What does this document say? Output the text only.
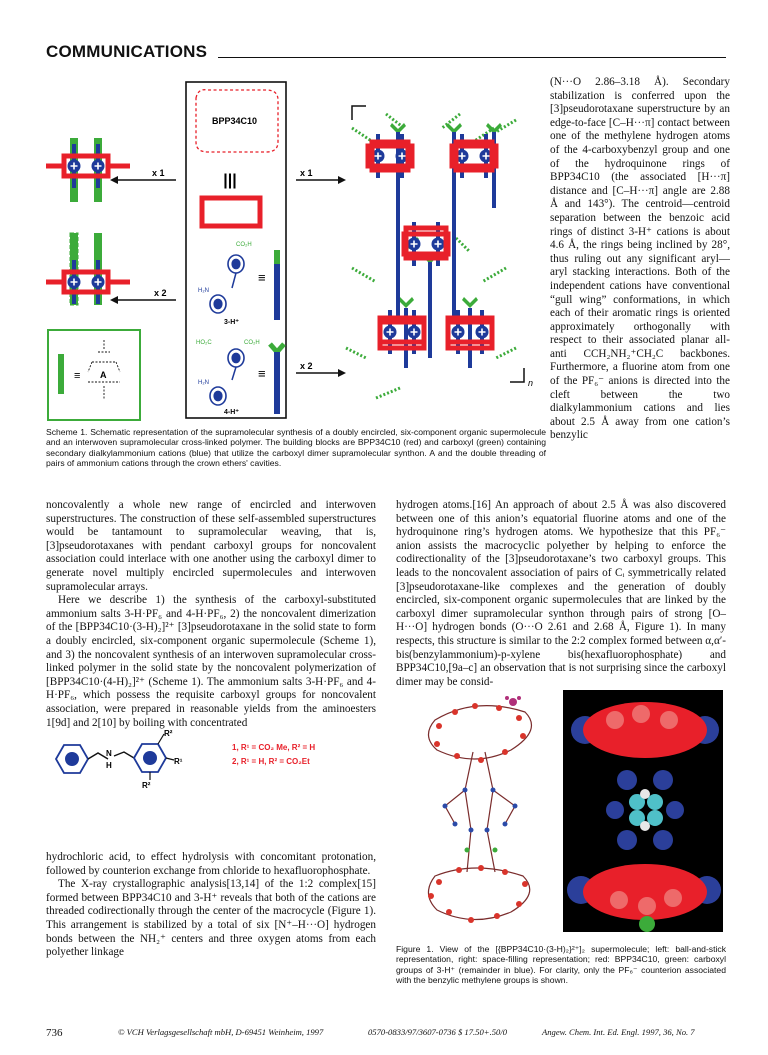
COMMUNICATIONS
x 1
x 2
≡ A
BPP34C10
|||
CO₂H
H₂N
≡
3-H⁺
HO₂C	CO₂H
H₂N
≡
4-H⁺
x 1
x 2
n
Scheme 1. Schematic representation of the supramolecular synthesis of a doubly encircled, six-component organic supermolecule and an interwoven supramolecular cross-linked polymer. The building blocks are BPP34C10 (red) and carboxyl (green) containing secondary dialkylammonium cations (blue) that utilize the carboxyl dimer supramolecular synthon. A and the double threading of pairs of ammonium cations through the crown ethers' cavities.

(N···O 2.86–3.18 Å). Secondary stabilization is conferred upon the [3]pseudorotaxane superstructure by an edge-to-face [C–H···π] contact between one of the methylene hydrogen atoms of the 4-carboxybenzyl group and one of the hydroquinone rings of BPP34C10 (the associated [H···π] distance and [C–H···π] angle are 2.88 Å and 143°). The centroid—centroid separation between the benzoic acid rings of distinct 3-H⁺ cations is about 4.6 Å, the rings being inclined by 28°, thus ruling out any significant aryl—aryl stacking interactions. Both of the independent cations have conventional “gull wing” conformations, in which each of their aromatic rings is oriented approximately orthogonally with respect to their associated planar all-anti CCH₂NH₂⁺CH₂C backbones. Furthermore, a fluorine atom from one of the PF₆⁻ anions is directed into the cleft between the two dialkylammonium cations and lies about 2.5 Å away from one cation’s benzylic

noncovalently a whole new range of encircled and interwoven superstructures. The construction of these self-assembled superstructures would be tantamount to supramolecular weaving, that is, [3]pseudorotaxanes with pendant carboxyl groups for noncovalent association could interlace with one another using the carboxyl dimer to generate novel multiply encircled supermolecules and interwoven supramolecular arrays.

Here we describe 1) the synthesis of the carboxyl-substituted ammonium salts 3-H·PF₆ and 4-H·PF₆, 2) the noncovalent dimerization of the [BPP34C10·(3-H)₂]²⁺ [3]pseudorotaxane in the solid state to form a doubly encircled, six-component organic supermolecule (Scheme 1), and 3) the noncovalent synthesis of an interwoven supramolecular cross-linked polymer in the solid state by the noncovalent polymerization of [BPP34C10·(4-H)₂]²⁺ (Scheme 1). The ammonium salts 3-H·PF₆ and 4-H·PF₆, which possess the requisite carboxyl groups for noncovalent association, were prepared in reasonable yields from the aminoesters 1[9d] and 2[10] by boiling with concentrated

N
H
R²
R¹
R²
1, R¹ = CO₂ Me, R² = H
2, R¹ = H, R² = CO₂Et

hydrochloric acid, to effect hydrolysis with concomitant protonation, followed by counterion exchange from chloride to hexafluorophosphate.

The X-ray crystallographic analysis[13,14] of the 1:2 complex[15] formed between BPP34C10 and 3-H⁺ reveals that both of the cations are threaded codirectionally through the center of the macrocycle (Figure 1). This arrangement is stabilized by a total of six [N⁺–H···O] hydrogen bonds between the NH₂⁺ centers and three oxygen atoms from each polyether linkage

hydrogen atoms.[16] An approach of about 2.5 Å was also discovered between one of this anion’s equatorial fluorine atoms and one of the hydroquinone ring’s hydrogen atoms. We hypothesize that this PF₆⁻ anion assists the macrocyclic polyether by helping to enforce the codirectionality of the [3]pseudorotaxane’s two carboxyl groups. This leads to the noncovalent association of pairs of Cᵢ symmetrically related [3]pseudorotaxane-like complexes and the generation of doubly encircled, six-component organic supermolecules that are linked by the carboxyl dimer supramolecular synthon through pairs of strong [O–H···O] hydrogen bonds (O···O 2.61 and 2.68 Å, Figure 1). In many respects, this structure is similar to the 2:2 complex formed between α,α′-bis(benzylammonium)-p-xylene bis(hexafluorophosphate) and BPP34C10,[9a–c] an observation that is not surprising since the carboxyl dimer may be consid-

Figure 1. View of the [{BPP34C10·(3-H)₂}²⁺]₂ supermolecule; left: ball-and-stick representation, right: space-filling representation; red: BPP34C10, green: carboxyl groups of 3-H⁺ (remainder in blue). For clarity, only the PF₆⁻ counterion associated with the benzylic methylene groups is shown.
736	© VCH Verlagsgesellschaft mbH, D-69451 Weinheim, 1997	0570-0833/97/3607-0736 $ 17.50+.50/0	Angew. Chem. Int. Ed. Engl. 1997, 36, No. 7
